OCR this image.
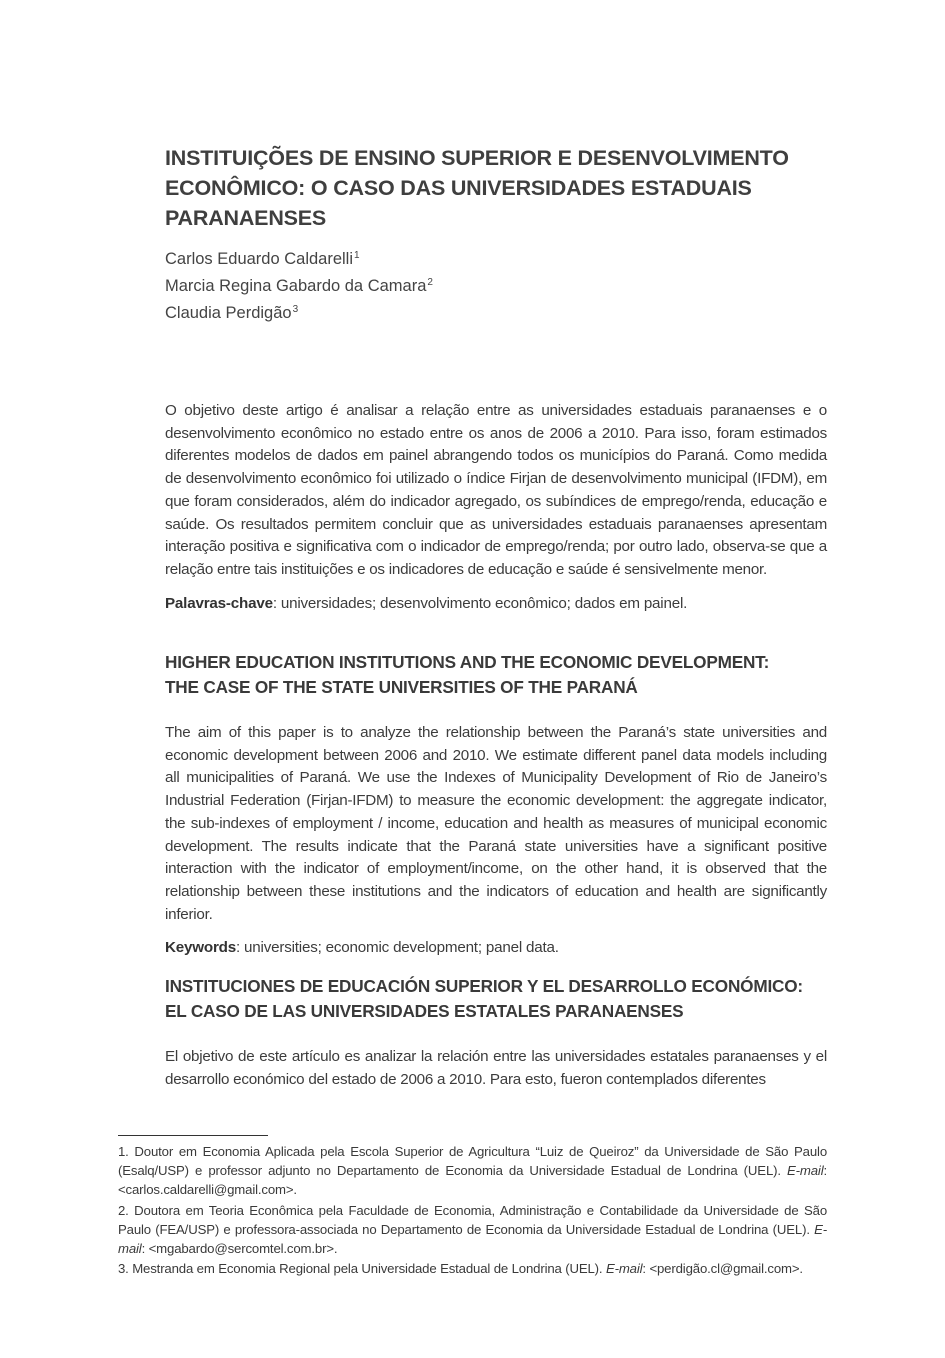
INSTITUIÇÕES DE ENSINO SUPERIOR E DESENVOLVIMENTO ECONÔMICO: O CASO DAS UNIVERSIDADES ESTADUAIS PARANAENSES
Carlos Eduardo Caldarelli$^1$
Marcia Regina Gabardo da Camara$^2$
Claudia Perdigão$^3$

O objetivo deste artigo é analisar a relação entre as universidades estaduais paranaenses e o desenvolvimento econômico no estado entre os anos de 2006 a 2010. Para isso, foram estimados diferentes modelos de dados em painel abrangendo todos os municípios do Paraná. Como medida de desenvolvimento econômico foi utilizado o índice Firjan de desenvolvimento municipal (IFDM), em que foram considerados, além do indicador agregado, os subíndices de emprego/renda, educação e saúde. Os resultados permitem concluir que as universidades estaduais paranaenses apresentam interação positiva e significativa com o indicador de emprego/renda; por outro lado, observa-se que a relação entre tais instituições e os indicadores de educação e saúde é sensivelmente menor.

Palavras-chave: universidades; desenvolvimento econômico; dados em painel.

HIGHER EDUCATION INSTITUTIONS AND THE ECONOMIC DEVELOPMENT:
THE CASE OF THE STATE UNIVERSITIES OF THE PARANÁ

The aim of this paper is to analyze the relationship between the Paraná’s state universities and economic development between 2006 and 2010. We estimate different panel data models including all municipalities of Paraná. We use the Indexes of Municipality Development of Rio de Janeiro’s Industrial Federation (Firjan-IFDM) to measure the economic development: the aggregate indicator, the sub-indexes of employment / income, education and health as measures of municipal economic development. The results indicate that the Paraná state universities have a significant positive interaction with the indicator of employment/income, on the other hand, it is observed that the relationship between these institutions and the indicators of education and health are significantly inferior.

Keywords: universities; economic development; panel data.

INSTITUCIONES DE EDUCACIÓN SUPERIOR Y EL DESARROLLO ECONÓMICO:
EL CASO DE LAS UNIVERSIDADES ESTATALES PARANAENSES

El objetivo de este artículo es analizar la relación entre las universidades estatales paranaenses y el desarrollo económico del estado de 2006 a 2010. Para esto, fueron contemplados diferentes

1. Doutor em Economia Aplicada pela Escola Superior de Agricultura “Luiz de Queiroz” da Universidade de São Paulo (Esalq/USP) e professor adjunto no Departamento de Economia da Universidade Estadual de Londrina (UEL). E-mail: <carlos.caldarelli@gmail.com>.

2. Doutora em Teoria Econômica pela Faculdade de Economia, Administração e Contabilidade da Universidade de São Paulo (FEA/USP) e professora-associada no Departamento de Economia da Universidade Estadual de Londrina (UEL). E-mail: <mgabardo@sercomtel.com.br>.

3. Mestranda em Economia Regional pela Universidade Estadual de Londrina (UEL). E-mail: <perdigão.cl@gmail.com>.
